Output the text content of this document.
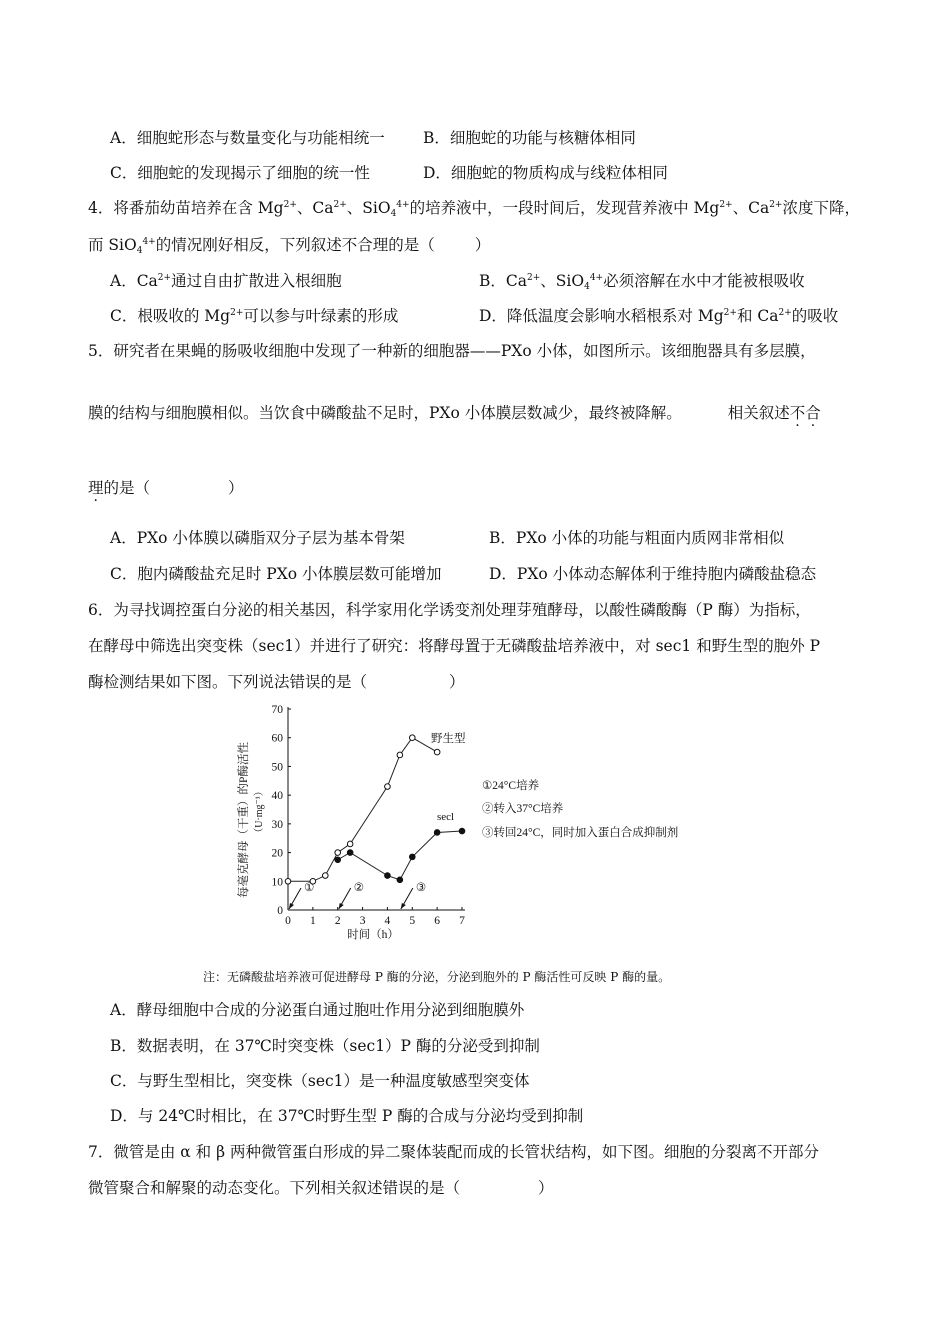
A．细胞蛇形态与数量变化与功能相统一 B．细胞蛇的功能与核糖体相同
C．细胞蛇的发现揭示了细胞的统一性	D．细胞蛇的物质构成与线粒体相同
4．将番茄幼苗培养在含 $Mg^{2+}$、$Ca^{2+}$、SiO$_4^{4+}$的培养液中，一段时间后，发现营养液中 $Mg^{2+}$、$Ca^{2+}$浓度下降，
而 SiO$_4^{4+}$的情况刚好相反，下列叙述不合理的是（	）
A．$Ca^{2+}$通过自由扩散进入根细胞	B．$Ca^{2+}$、SiO$_4^{4+}$必须溶解在水中才能被根吸收
C．根吸收的 $Mg^{2+}$可以参与叶绿素的形成	D．降低温度会影响水稻根系对 $Mg^{2+}$和 $Ca^{2+}$的吸收
5．研究者在果蝇的肠吸收细胞中发现了一种新的细胞器——PXo 小体，如图所示。该细胞器具有多层膜，
膜的结构与细胞膜相似。当饮食中磷酸盐不足时，PXo 小体膜层数减少，最终被降解。	相关叙述不合
理的是（	）
A．PXo 小体膜以磷脂双分子层为基本骨架	B．PXo 小体的功能与粗面内质网非常相似
C．胞内磷酸盐充足时 PXo 小体膜层数可能增加	D．PXo 小体动态解体利于维持胞内磷酸盐稳态
6．为寻找调控蛋白分泌的相关基因，科学家用化学诱变剂处理芽殖酵母，以酸性磷酸酶（P 酶）为指标，
在酵母中筛选出突变株（sec1）并进行了研究：将酵母置于无磷酸盐培养液中，对 sec1 和野生型的胞外 P
酶检测结果如下图。下列说法错误的是（	）
0 1 2 3 4 5 6 7
0
10
20
30
40
50
60
70
①	②	③
每毫克酵母（干重）的P酶活性 （U·mg⁻¹）
时间（h）
野生型
secl
①24°C培养
②转入37°C培养
③转回24°C，同时加入蛋白合成抑制剂
注：无磷酸盐培养液可促进酵母 P 酶的分泌，分泌到胞外的 P 酶活性可反映 P 酶的量。
A．酵母细胞中合成的分泌蛋白通过胞吐作用分泌到细胞膜外
B．数据表明，在 37℃时突变株（sec1）P 酶的分泌受到抑制
C．与野生型相比，突变株（sec1）是一种温度敏感型突变体
D．与 24℃时相比，在 37℃时野生型 P 酶的合成与分泌均受到抑制
7．微管是由 α 和 β 两种微管蛋白形成的异二聚体装配而成的长管状结构，如下图。细胞的分裂离不开部分
微管聚合和解聚的动态变化。下列相关叙述错误的是（	）
